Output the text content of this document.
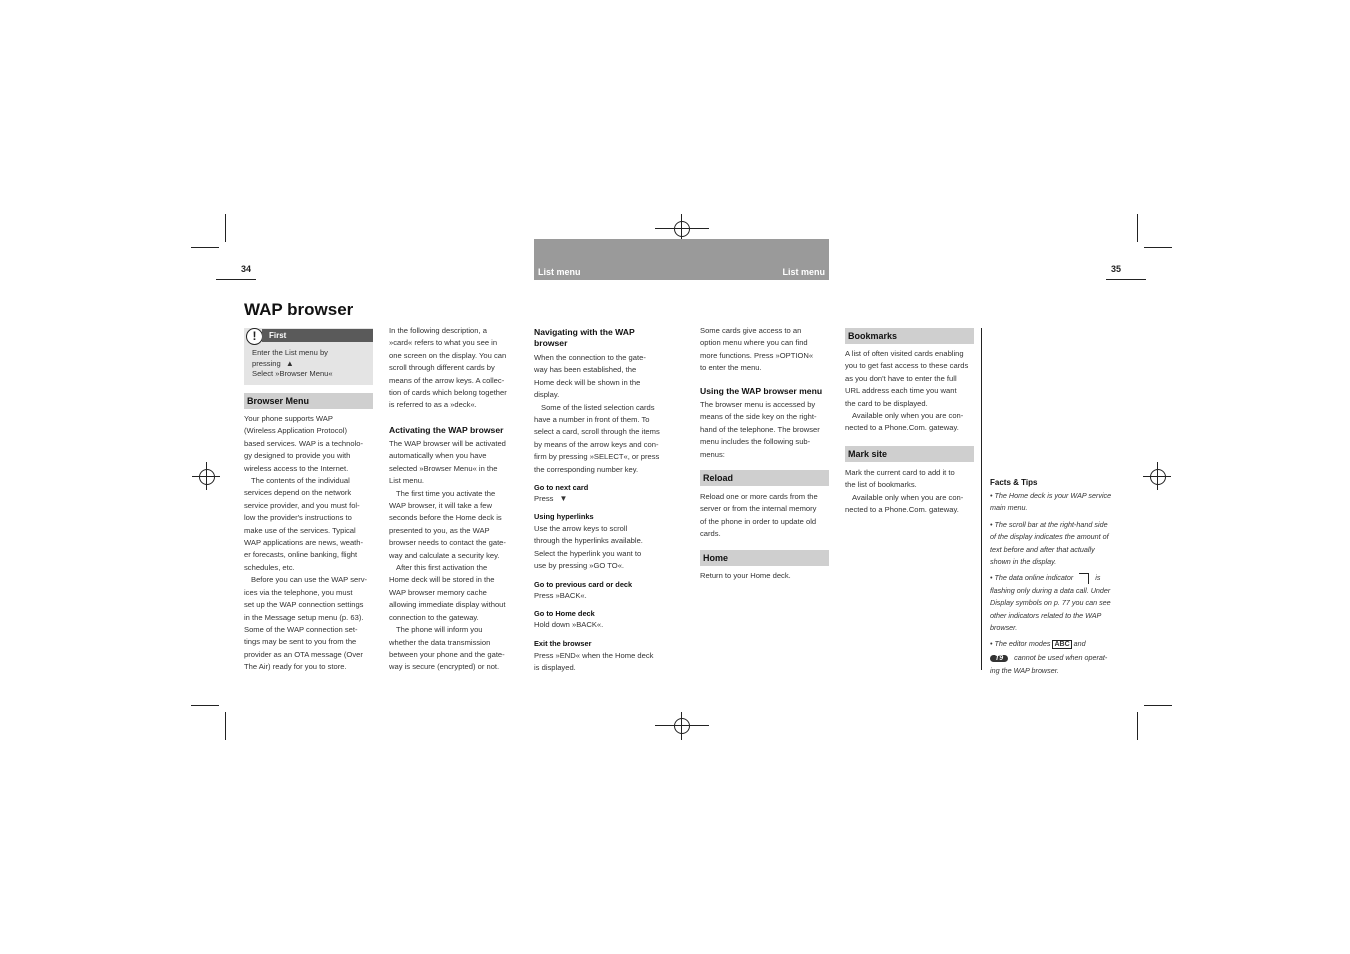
34	35
List menu	List menu
WAP browser
!	First

Enter the List menu by

pressing ▲

Select »Browser Menu«

Browser Menu

Your phone supports WAP

(Wireless Application Protocol)

based services. WAP is a technolo-

gy designed to provide you with

wireless access to the Internet.

The contents of the individual

services depend on the network

service provider, and you must fol-

low the provider's instructions to

make use of the services. Typical

WAP applications are news, weath-

er forecasts, online banking, flight

schedules, etc.

Before you can use the WAP serv-

ices via the telephone, you must

set up the WAP connection settings

in the Message setup menu (p. 63).

Some of the WAP connection set-

tings may be sent to you from the

provider as an OTA message (Over

The Air) ready for you to store.

In the following description, a

»card« refers to what you see in

one screen on the display. You can

scroll through different cards by

means of the arrow keys. A collec-

tion of cards which belong together

is referred to as a »deck«.

Activating the WAP browser

The WAP browser will be activated

automatically when you have

selected »Browser Menu« in the

List menu.

The first time you activate the

WAP browser, it will take a few

seconds before the Home deck is

presented to you, as the WAP

browser needs to contact the gate-

way and calculate a security key.

After this first activation the

Home deck will be stored in the

WAP browser memory cache

allowing immediate display without

connection to the gateway.

The phone will inform you

whether the data transmission

between your phone and the gate-

way is secure (encrypted) or not.

Navigating with the WAP
browser

When the connection to the gate-

way has been established, the

Home deck will be shown in the

display.

Some of the listed selection cards

have a number in front of them. To

select a card, scroll through the items

by means of the arrow keys and con-

firm by pressing »SELECT«, or press

the corresponding number key.

Go to next card
Press ▼
Using hyperlinks

Use the arrow keys to scroll

through the hyperlinks available.

Select the hyperlink you want to

use by pressing »GO TO«.

Go to previous card or deck
Press »BACK«.
Go to Home deck
Hold down »BACK«.
Exit the browser

Press »END« when the Home deck

is displayed.

Some cards give access to an

option menu where you can find

more functions. Press »OPTION«

to enter the menu.

Using the WAP browser menu

The browser menu is accessed by

means of the side key on the right-

hand of the telephone. The browser

menu includes the following sub-

menus:

Reload

Reload one or more cards from the

server or from the internal memory

of the phone in order to update old

cards.

Home
Return to your Home deck.
Bookmarks

A list of often visited cards enabling

you to get fast access to these cards

as you don't have to enter the full

URL address each time you want

the card to be displayed.

Available only when you are con-

nected to a Phone.Com. gateway.

Mark site

Mark the current card to add it to

the list of bookmarks.

Available only when you are con-

nected to a Phone.Com. gateway.

Facts & Tips

• The Home deck is your WAP service
main menu.

• The scroll bar at the right-hand side
of the display indicates the amount of
text before and after that actually
shown in the display.

• The data online indicator	is
flashing only during a data call. Under
Display symbols on p. 77 you can see
other indicators related to the WAP
browser.

• The editor modes ABC and
T9 cannot be used when operat-
ing the WAP browser.
